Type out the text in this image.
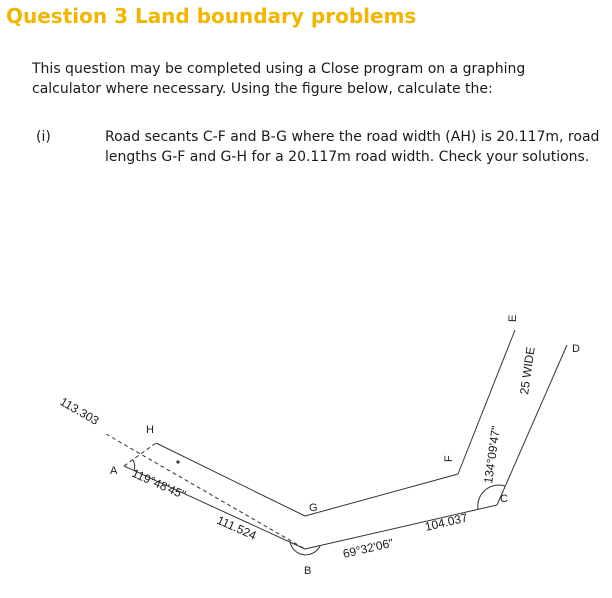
Question 3 Land boundary problems

This question may be completed using a Close program on a graphing calculator where necessary. Using the figure below, calculate the:

(i)	Road secants C-F and B-G where the road width (AH) is 20.117m, road lengths G-F and G-H for a 20.117m road width. Check your solutions.

A
H
G
B
F
C
E
D
113.303
119°48'45"
111.524
69°32'06"
104.037
134°09'47"
25 WIDE
